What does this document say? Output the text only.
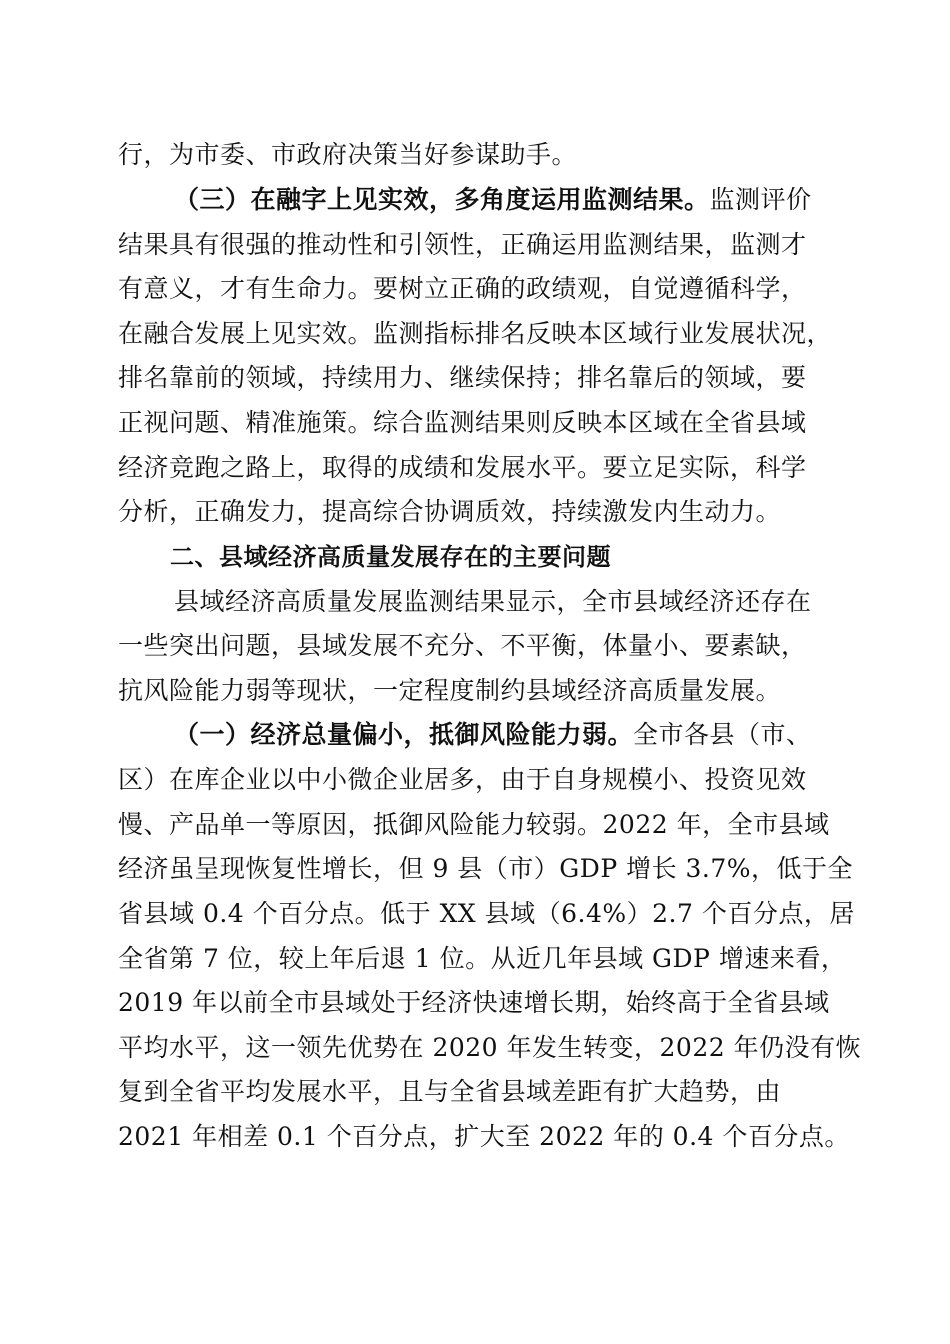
行，为市委、市政府决策当好参谋助手。
（三）在融字上见实效，多角度运用监测结果。监测评价
结果具有很强的推动性和引领性，正确运用监测结果，监测才
有意义，才有生命力。要树立正确的政绩观，自觉遵循科学，
在融合发展上见实效。监测指标排名反映本区域行业发展状况，
排名靠前的领域，持续用力、继续保持；排名靠后的领域，要
正视问题、精准施策。综合监测结果则反映本区域在全省县域
经济竞跑之路上，取得的成绩和发展水平。要立足实际，科学
分析，正确发力，提高综合协调质效，持续激发内生动力。
二、县域经济高质量发展存在的主要问题
县域经济高质量发展监测结果显示，全市县域经济还存在
一些突出问题，县域发展不充分、不平衡，体量小、要素缺，
抗风险能力弱等现状，一定程度制约县域经济高质量发展。
（一）经济总量偏小，抵御风险能力弱。全市各县（市、
区）在库企业以中小微企业居多，由于自身规模小、投资见效
慢、产品单一等原因，抵御风险能力较弱。2022 年，全市县域
经济虽呈现恢复性增长，但 9 县（市）GDP 增长 3.7%，低于全
省县域 0.4 个百分点。低于 XX 县域（6.4%）2.7 个百分点，居
全省第 7 位，较上年后退 1 位。从近几年县域 GDP 增速来看，
2019 年以前全市县域处于经济快速增长期，始终高于全省县域
平均水平，这一领先优势在 2020 年发生转变，2022 年仍没有恢
复到全省平均发展水平，且与全省县域差距有扩大趋势，由
2021 年相差 0.1 个百分点，扩大至 2022 年的 0.4 个百分点。
